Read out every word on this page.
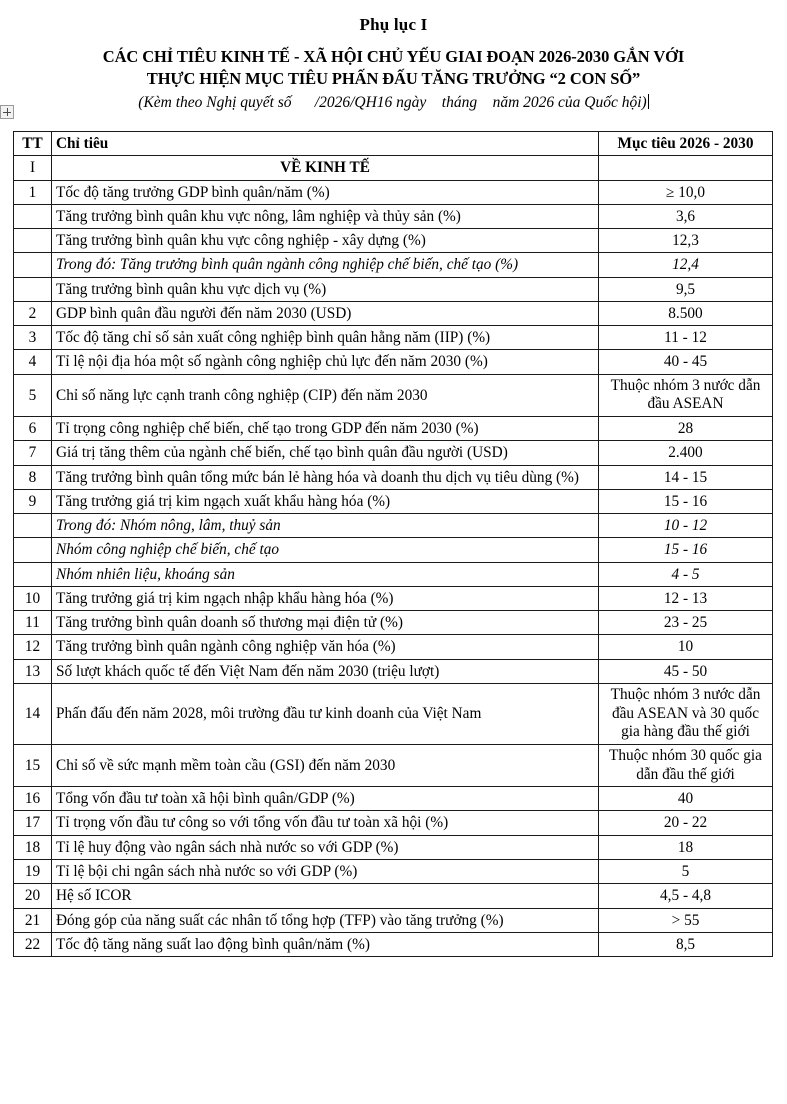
Phụ lục I
CÁC CHỈ TIÊU KINH TẾ - XÃ HỘI CHỦ YẾU GIAI ĐOẠN 2026-2030 GẮN VỚI
THỰC HIỆN MỤC TIÊU PHẤN ĐẤU TĂNG TRƯỞNG “2 CON SỐ”
(Kèm theo Nghị quyết số      /2026/QH16 ngày    tháng    năm 2026 của Quốc hội)
TT	Chỉ tiêu	Mục tiêu 2026 - 2030
I	VỀ KINH TẾ	
1	Tốc độ tăng trưởng GDP bình quân/năm (%)	≥ 10,0
	Tăng trưởng bình quân khu vực nông, lâm nghiệp và thủy sản (%)	3,6
	Tăng trưởng bình quân khu vực công nghiệp - xây dựng (%)	12,3
	Trong đó: Tăng trưởng bình quân ngành công nghiệp chế biến, chế tạo (%)	12,4
	Tăng trưởng bình quân khu vực dịch vụ (%)	9,5
2	GDP bình quân đầu người đến năm 2030 (USD)	8.500
3	Tốc độ tăng chỉ số sản xuất công nghiệp bình quân hằng năm (IIP) (%)	11 - 12
4	Tỉ lệ nội địa hóa một số ngành công nghiệp chủ lực đến năm 2030 (%)	40 - 45
5	Chỉ số năng lực cạnh tranh công nghiệp (CIP) đến năm 2030	Thuộc nhóm 3 nước dẫn đầu ASEAN
6	Tỉ trọng công nghiệp chế biến, chế tạo trong GDP đến năm 2030 (%)	28
7	Giá trị tăng thêm của ngành chế biến, chế tạo bình quân đầu người (USD)	2.400
8	Tăng trưởng bình quân tổng mức bán lẻ hàng hóa và doanh thu dịch vụ tiêu dùng (%)	14 - 15
9	Tăng trưởng giá trị kim ngạch xuất khẩu hàng hóa (%)	15 - 16
	Trong đó: Nhóm nông, lâm, thuỷ sản	10 - 12
	Nhóm công nghiệp chế biến, chế tạo	15 - 16
	Nhóm nhiên liệu, khoáng sản	4 - 5
10	Tăng trưởng giá trị kim ngạch nhập khẩu hàng hóa (%)	12 - 13
11	Tăng trưởng bình quân doanh số thương mại điện tử (%)	23 - 25
12	Tăng trưởng bình quân ngành công nghiệp văn hóa (%)	10
13	Số lượt khách quốc tế đến Việt Nam đến năm 2030 (triệu lượt)	45 - 50
14	Phấn đấu đến năm 2028, môi trường đầu tư kinh doanh của Việt Nam	Thuộc nhóm 3 nước dẫn đầu ASEAN và 30 quốc gia hàng đầu thế giới
15	Chỉ số về sức mạnh mềm toàn cầu (GSI) đến năm 2030	Thuộc nhóm 30 quốc gia dẫn đầu thế giới
16	Tổng vốn đầu tư toàn xã hội bình quân/GDP (%)	40
17	Tỉ trọng vốn đầu tư công so với tổng vốn đầu tư toàn xã hội (%)	20 - 22
18	Tỉ lệ huy động vào ngân sách nhà nước so với GDP (%)	18
19	Tỉ lệ bội chi ngân sách nhà nước so với GDP (%)	5
20	Hệ số ICOR	4,5 - 4,8
21	Đóng góp của năng suất các nhân tố tổng hợp (TFP) vào tăng trưởng (%)	> 55
22	Tốc độ tăng năng suất lao động bình quân/năm (%)	8,5
